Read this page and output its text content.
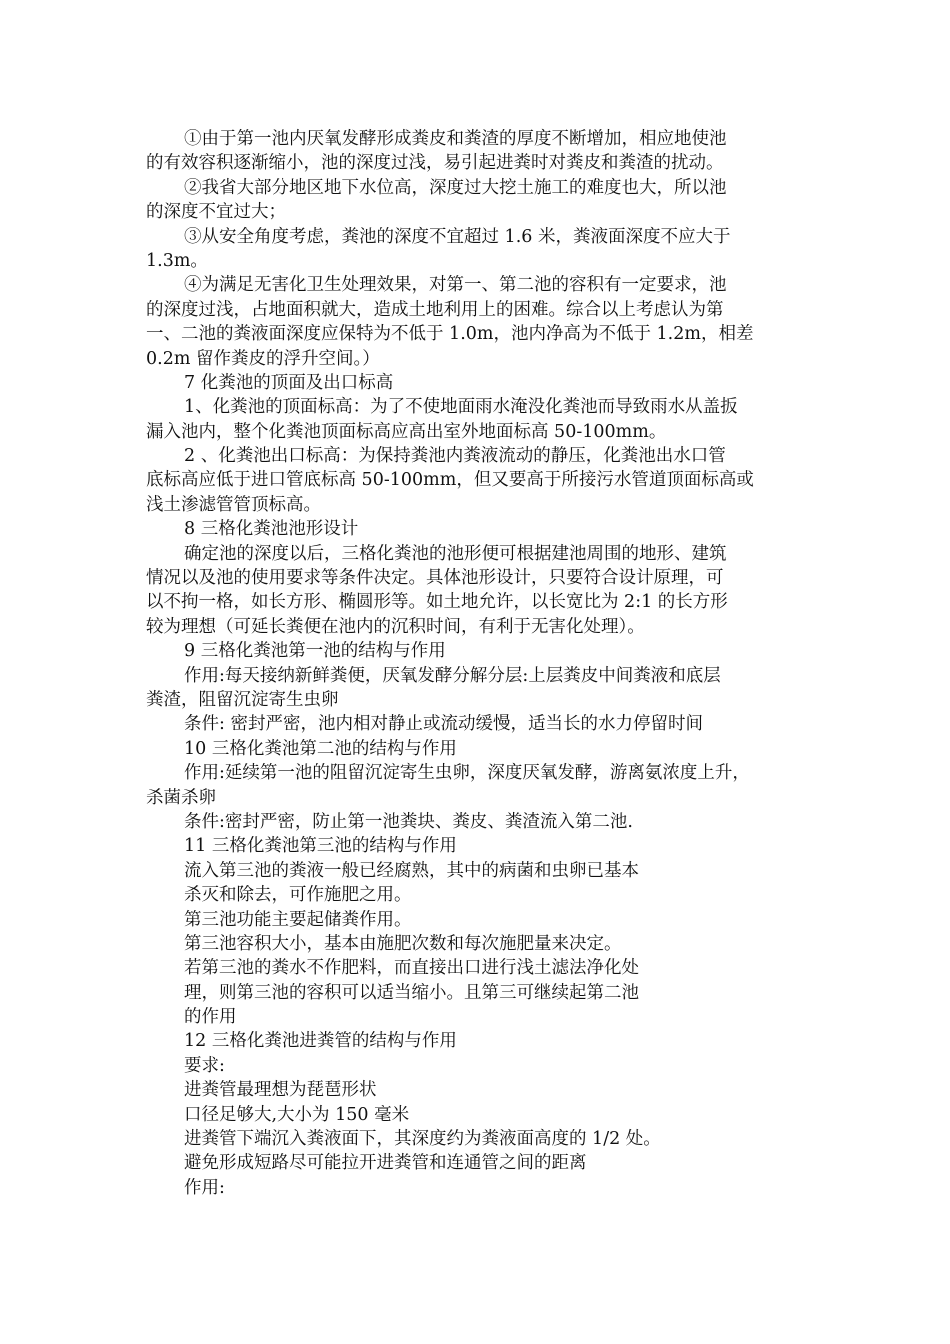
①由于第一池内厌氧发酵形成粪皮和粪渣的厚度不断增加，相应地使池
的有效容积逐渐缩小，池的深度过浅，易引起进粪时对粪皮和粪渣的扰动。
②我省大部分地区地下水位高，深度过大挖土施工的难度也大，所以池
的深度不宜过大；
③从安全角度考虑，粪池的深度不宜超过 1.6 米，粪液面深度不应大于
1.3m。
④为满足无害化卫生处理效果，对第一、第二池的容积有一定要求，池
的深度过浅，占地面积就大，造成土地利用上的困难。综合以上考虑认为第
一、二池的粪液面深度应保特为不低于 1.0m，池内净高为不低于 1.2m，相差
0.2m 留作粪皮的浮升空间。）
7 化粪池的顶面及出口标高
1、化粪池的顶面标高：为了不使地面雨水淹没化粪池而导致雨水从盖扳
漏入池内，整个化粪池顶面标高应高出室外地面标高 50-100mm。
2 、化粪池出口标高：为保持粪池内粪液流动的静压，化粪池出水口管
底标高应低于进口管底标高 50-100mm，但又要高于所接污水管道顶面标高或
浅土渗滤管管顶标高。
8 三格化粪池池形设计
确定池的深度以后，三格化粪池的池形便可根据建池周围的地形、建筑
情况以及池的使用要求等条件决定。具体池形设计，只要符合设计原理，可
以不拘一格，如长方形、椭圆形等。如土地允许，以长宽比为 2:1 的长方形
较为理想（可延长粪便在池内的沉积时间，有利于无害化处理）。
9 三格化粪池第一池的结构与作用
作用:每天接纳新鲜粪便，厌氧发酵分解分层:上层粪皮中间粪液和底层
粪渣，阻留沉淀寄生虫卵
条件: 密封严密，池内相对静止或流动缓慢，适当长的水力停留时间
10 三格化粪池第二池的结构与作用
作用:延续第一池的阻留沉淀寄生虫卵，深度厌氧发酵，游离氨浓度上升，
杀菌杀卵
条件:密封严密，防止第一池粪块、粪皮、粪渣流入第二池.
11 三格化粪池第三池的结构与作用
流入第三池的粪液一般已经腐熟，其中的病菌和虫卵已基本
杀灭和除去，可作施肥之用。
第三池功能主要起储粪作用。
第三池容积大小，基本由施肥次数和每次施肥量来决定。
若第三池的粪水不作肥料，而直接出口进行浅土滤法净化处
理，则第三池的容积可以适当缩小。且第三可继续起第二池
的作用
12 三格化粪池进粪管的结构与作用
要求:
进粪管最理想为琵琶形状
口径足够大,大小为 150 毫米
进粪管下端沉入粪液面下，其深度约为粪液面高度的 1/2 处。
避免形成短路尽可能拉开进粪管和连通管之间的距离
作用:
